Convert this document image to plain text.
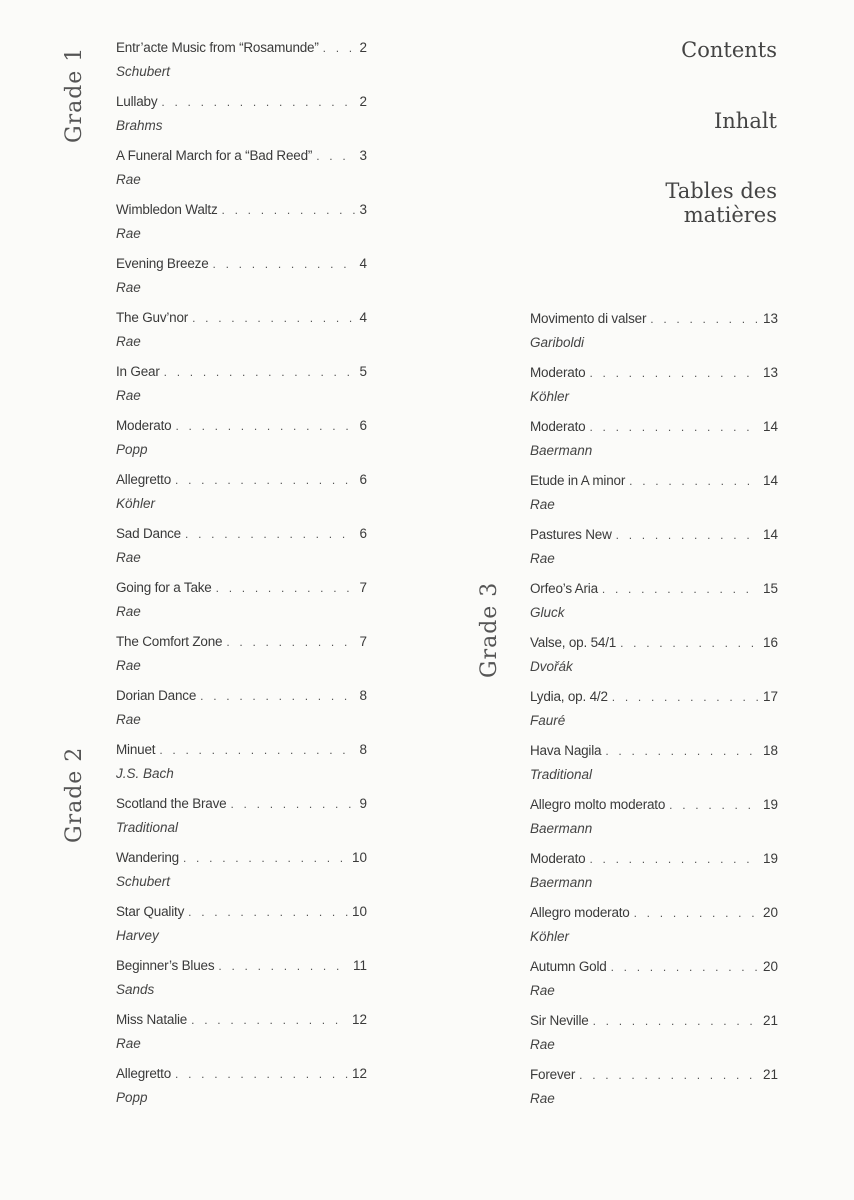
Contents
Inhalt
Tables des
matières
Grade 1
Grade 2
Grade 3
Entr’acte Music from “Rosamunde” . . .	2
Schubert
Lullaby . . .	2
Brahms
A Funeral March for a “Bad Reed” . . .	3
Rae
Wimbledon Waltz . . .	3
Rae
Evening Breeze . . .	4
Rae
The Guv’nor . . .	4
Rae
In Gear . . .	5
Rae
Moderato . . .	6
Popp
Allegretto . . .	6
Köhler
Sad Dance . . .	6
Rae
Going for a Take . . .	7
Rae
The Comfort Zone . . .	7
Rae
Dorian Dance . . .	8
Rae
Minuet . . .	8
J.S. Bach
Scotland the Brave . . .	9
Traditional
Wandering . . .	10
Schubert
Star Quality . . .	10
Harvey
Beginner’s Blues . . .	11
Sands
Miss Natalie . . .	12
Rae
Allegretto . . .	12
Popp
Movimento di valser . . .	13
Gariboldi
Moderato . . .	13
Köhler
Moderato . . .	14
Baermann
Etude in A minor . . .	14
Rae
Pastures New . . .	14
Rae
Orfeo’s Aria . . .	15
Gluck
Valse, op. 54/1 . . .	16
Dvořák
Lydia, op. 4/2 . . .	17
Fauré
Hava Nagila . . .	18
Traditional
Allegro molto moderato . . .	19
Baermann
Moderato . . .	19
Baermann
Allegro moderato . . .	20
Köhler
Autumn Gold . . .	20
Rae
Sir Neville . . .	21
Rae
Forever . . .	21
Rae
